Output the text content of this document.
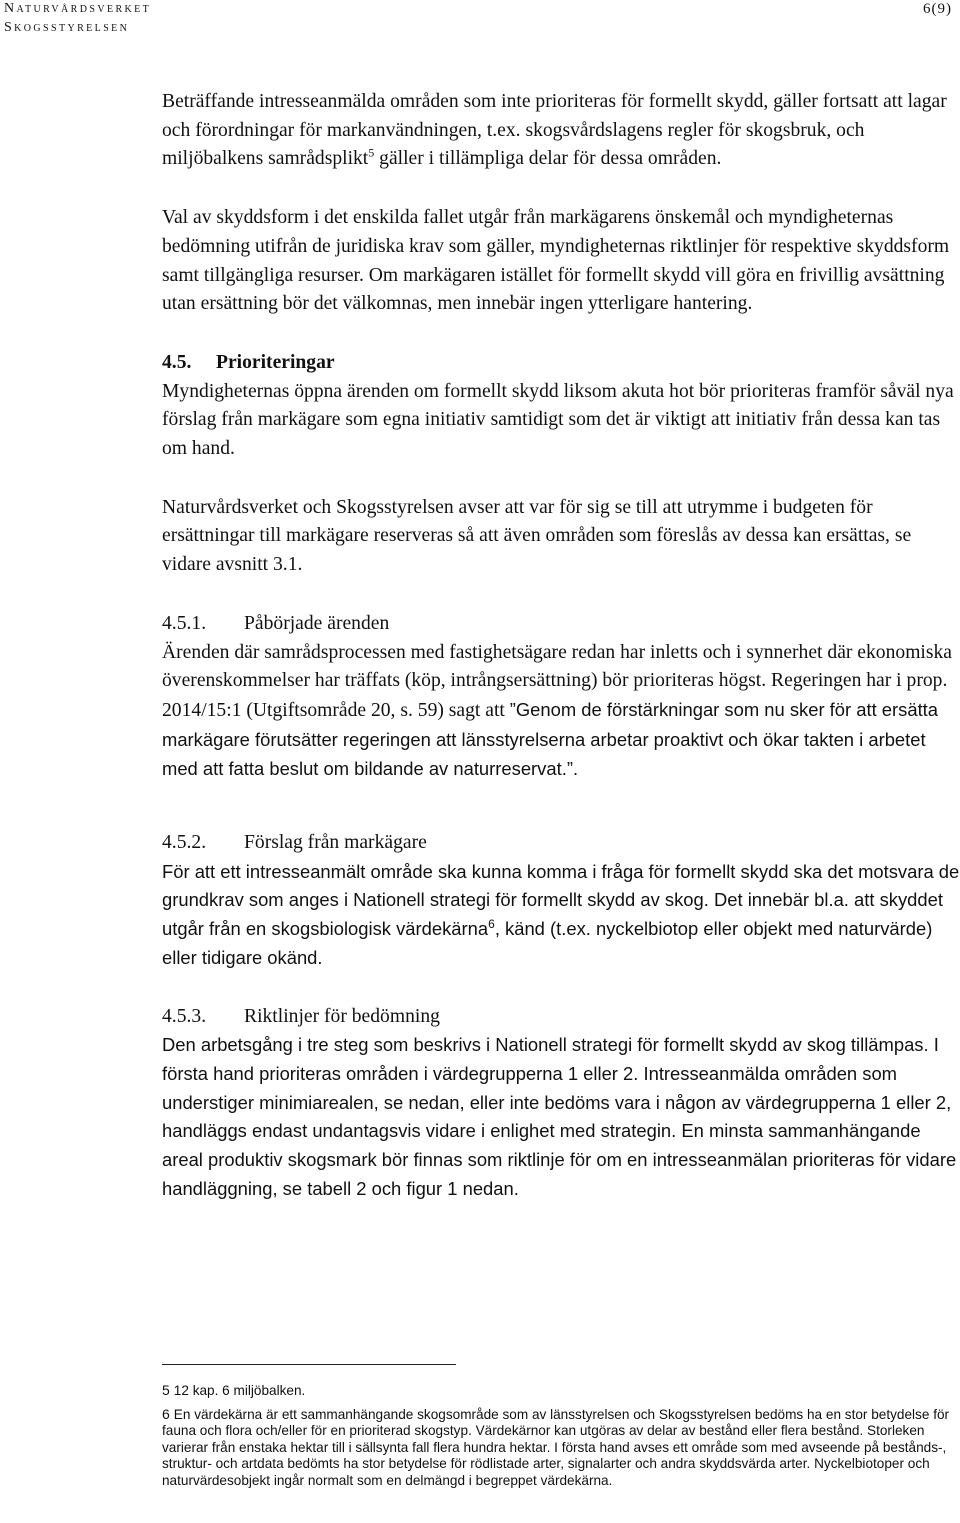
Naturvårdsverket
Skogsstyrelsen
6(9)

Beträffande intresseanmälda områden som inte prioriteras för formellt skydd, gäller fortsatt att lagar och förordningar för markanvändningen, t.ex. skogsvårdslagens regler för skogsbruk, och miljöbalkens samrådsplikt$^5$ gäller i tillämpliga delar för dessa områden.

Val av skyddsform i det enskilda fallet utgår från markägarens önskemål och myndigheternas bedömning utifrån de juridiska krav som gäller, myndigheternas riktlinjer för respektive skyddsform samt tillgängliga resurser. Om markägaren istället för formellt skydd vill göra en frivillig avsättning utan ersättning bör det välkomnas, men innebär ingen ytterligare hantering.

4.5. Prioriteringar

Myndigheternas öppna ärenden om formellt skydd liksom akuta hot bör prioriteras framför såväl nya förslag från markägare som egna initiativ samtidigt som det är viktigt att initiativ från dessa kan tas om hand.

Naturvårdsverket och Skogsstyrelsen avser att var för sig se till att utrymme i budgeten för ersättningar till markägare reserveras så att även områden som föreslås av dessa kan ersättas, se vidare avsnitt 3.1.

4.5.1. Påbörjade ärenden

Ärenden där samrådsprocessen med fastighetsägare redan har inletts och i synnerhet där ekonomiska överenskommelser har träffats (köp, intrångsersättning) bör prioriteras högst. Regeringen har i prop. 2014/15:1 (Utgiftsområde 20, s. 59) sagt att ”Genom de förstärkningar som nu sker för att ersätta markägare förutsätter regeringen att länsstyrelserna arbetar proaktivt och ökar takten i arbetet med att fatta beslut om bildande av naturreservat.”.

4.5.2. Förslag från markägare

För att ett intresseanmält område ska kunna komma i fråga för formellt skydd ska det motsvara de grundkrav som anges i Nationell strategi för formellt skydd av skog. Det innebär bl.a. att skyddet utgår från en skogsbiologisk värdekärna$^6$, känd (t.ex. nyckelbiotop eller objekt med naturvärde) eller tidigare okänd.

4.5.3. Riktlinjer för bedömning

Den arbetsgång i tre steg som beskrivs i Nationell strategi för formellt skydd av skog tillämpas. I första hand prioriteras områden i värdegrupperna 1 eller 2. Intresseanmälda områden som understiger minimiarealen, se nedan, eller inte bedöms vara i någon av värdegrupperna 1 eller 2, handläggs endast undantagsvis vidare i enlighet med strategin. En minsta sammanhängande areal produktiv skogsmark bör finnas som riktlinje för om en intresseanmälan prioriteras för vidare handläggning, se tabell 2 och figur 1 nedan.

5 12 kap. 6 miljöbalken.

6 En värdekärna är ett sammanhängande skogsområde som av länsstyrelsen och Skogsstyrelsen bedöms ha en stor betydelse för fauna och flora och/eller för en prioriterad skogstyp. Värdekärnor kan utgöras av delar av bestånd eller flera bestånd. Storleken varierar från enstaka hektar till i sällsynta fall flera hundra hektar. I första hand avses ett område som med avseende på bestånds-, struktur- och artdata bedömts ha stor betydelse för rödlistade arter, signalarter och andra skyddsvärda arter. Nyckelbiotoper och naturvärdesobjekt ingår normalt som en delmängd i begreppet värdekärna.
